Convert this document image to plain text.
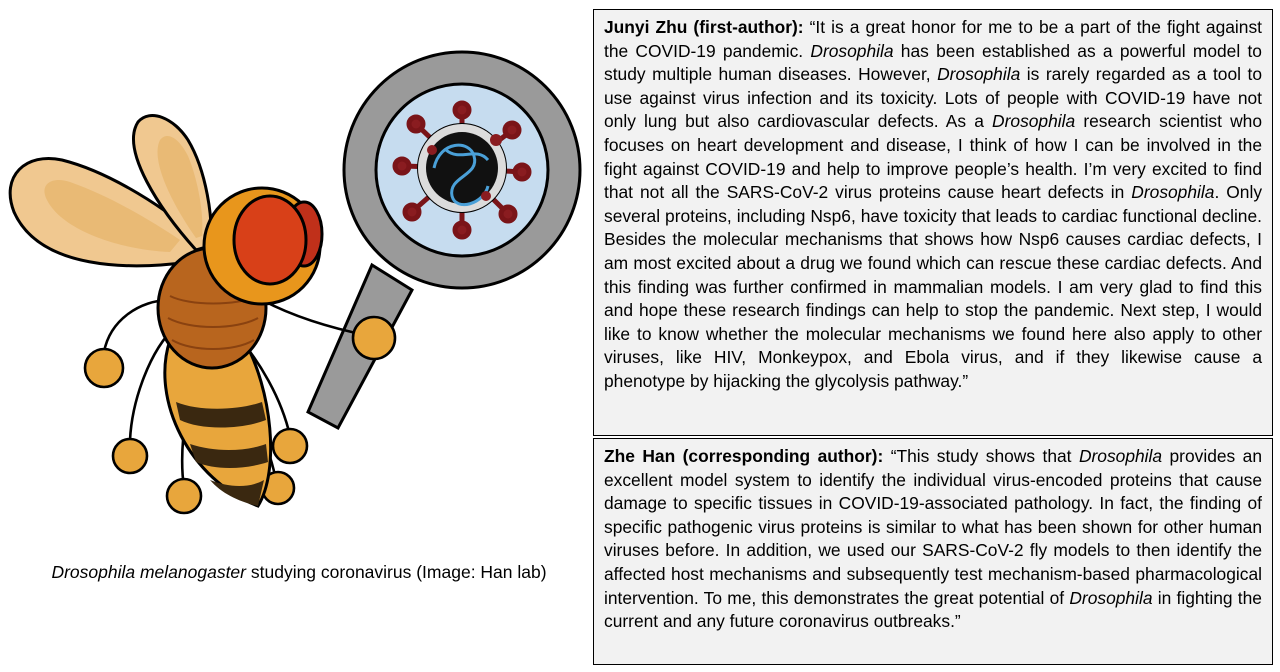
Drosophila melanogaster studying coronavirus (Image: Han lab)

Junyi Zhu (first-author): “It is a great honor for me to be a part of the fight against the COVID-19 pandemic. Drosophila has been established as a powerful model to study multiple human diseases. However, Drosophila is rarely regarded as a tool to use against virus infection and its toxicity. Lots of people with COVID-19 have not only lung but also cardiovascular defects. As a Drosophila research scientist who focuses on heart development and disease, I think of how I can be involved in the fight against COVID-19 and help to improve people’s health. I’m very excited to find that not all the SARS-CoV-2 virus proteins cause heart defects in Drosophila. Only several proteins, including Nsp6, have toxicity that leads to cardiac functional decline. Besides the molecular mechanisms that shows how Nsp6 causes cardiac defects, I am most excited about a drug we found which can rescue these cardiac defects. And this finding was further confirmed in mammalian models. I am very glad to find this and hope these research findings can help to stop the pandemic. Next step, I would like to know whether the molecular mechanisms we found here also apply to other viruses, like HIV, Monkeypox, and Ebola virus, and if they likewise cause a phenotype by hijacking the glycolysis pathway.”

Zhe Han (corresponding author): “This study shows that Drosophila provides an excellent model system to identify the individual virus-encoded proteins that cause damage to specific tissues in COVID-19-associated pathology. In fact, the finding of specific pathogenic virus proteins is similar to what has been shown for other human viruses before. In addition, we used our SARS-CoV-2 fly models to then identify the affected host mechanisms and subsequently test mechanism-based pharmacological intervention. To me, this demonstrates the great potential of Drosophila in fighting the current and any future coronavirus outbreaks.”
